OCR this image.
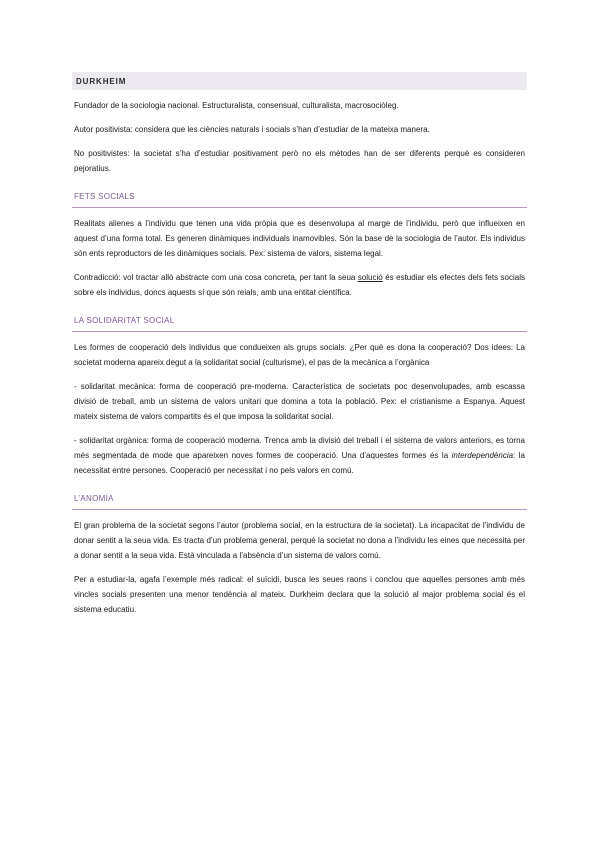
DURKHEIM

Fundador de la sociologia nacional. Estructuralista, consensual, culturalista, macrosociòleg.

Autor positivista: considera que les ciències naturals i socials s’han d’estudiar de la mateixa manera.

No positivistes: la societat s’ha d’estudiar positivament però no els mètodes han de ser diferents perquè es consideren pejoratius.

FETS SOCIALS

Realitats alienes a l’individu que tenen una vida pròpia que es desenvolupa al marge de l’individu, però que influeixen en aquest d’una forma total. Es generen dinàmiques individuals inamovibles. Són la base de la sociologia de l’autor. Els individus són ents reproductors de les dinàmiques socials. Pex: sistema de valors, sistema legal.

Contradicció: vol tractar allò abstracte com una cosa concreta, per tant la seua solució és estudiar els efectes dels fets socials sobre els individus, doncs aquests sí que són reials, amb una entitat científica.

LA SOLIDARITAT SOCIAL

Les formes de cooperació dels individus que condueixen als grups socials. ¿Per què es dona la cooperació? Dos idees: La societat moderna apareix degut a la solidaritat social (culturisme), el pas de la mecànica a l’orgànica

- solidaritat mecànica: forma de cooperació pre-moderna. Característica de societats poc desenvolupades, amb escassa divisió de treball, amb un sistema de valors unitari que domina a tota la població. Pex: el cristianisme a Espanya. Aquest mateix sistema de valors compartits és el que imposa la solidaritat social.

- solidaritat orgànica: forma de cooperació moderna. Trenca amb la divisió del treball i el sistema de valors anteriors, es torna més segmentada de mode que apareixen noves formes de cooperació. Una d’aquestes formes és la interdependència: la necessitat entre persones. Cooperació per necessitat i no pels valors en comú.

L’ANOMIA

El gran problema de la societat segons l’autor (problema social, en la estructura de la societat). La incapacitat de l’individu de donar sentit a la seua vida. Es tracta d’un problema general, perquè la societat no dona a l’individu les eines que necessita per a donar sentit a la seua vida. Està vinculada a l’absència d’un sistema de valors comú.

Per a estudiar-la, agafa l’exemple més radical: el suïcidi, busca les seues raons i conclou que aquelles persones amb més vincles socials presenten una menor tendència al mateix. Durkheim declara que la solució al major problema social és el sistema educatiu.
